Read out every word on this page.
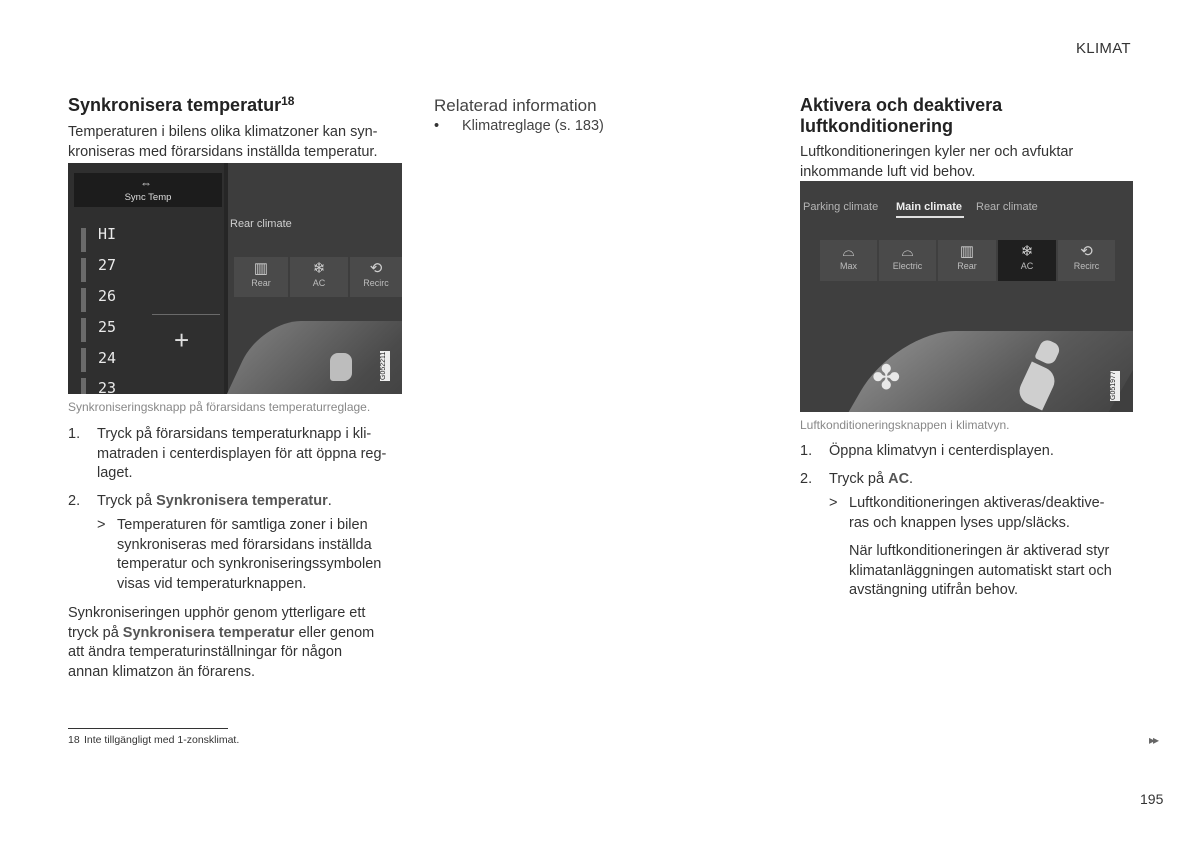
KLIMAT
Synkronisera temperatur$^{18}$

Temperaturen i bilens olika klimatzoner kan syn-kroniseras med förarsidans inställda temperatur.

⇔
Sync Temp
HI
27
26
25
24
23
+
Rear climate
▥
Rear
❄
AC
⟲
Recirc
G052211
Synkroniseringsknapp på förarsidans temperaturreglage.
1.	Tryck på förarsidans temperaturknapp i kli-
matraden i centerdisplayen för att öppna reg-
laget.
2.	Tryck på Synkronisera temperatur.
> Temperaturen för samtliga zoner i bilen
synkroniseras med förarsidans inställda
temperatur och synkroniseringssymbolen
visas vid temperaturknappen.

Synkroniseringen upphör genom ytterligare ett
tryck på Synkronisera temperatur eller genom
att ändra temperaturinställningar för någon
annan klimatzon än förarens.

18 Inte tillgängligt med 1-zonsklimat.
Relaterad information
•	Klimatreglage (s. 183)
Aktivera och deaktivera
luftkonditionering

Luftkonditioneringen kyler ner och avfuktar
inkommande luft vid behov.

Parking climate Main climate Rear climate
⌓
Max
⌓
Electric
▥
Rear
❄
AC
⟲
Recirc
✤	G051977
Luftkonditioneringsknappen i klimatvyn.
1.	Öppna klimatvyn i centerdisplayen.
2.	Tryck på AC.
> Luftkonditioneringen aktiveras/deaktive-
ras och knappen lyses upp/släcks.

När luftkonditioneringen är aktiverad styr
klimatanläggningen automatiskt start och
avstängning utifrån behov.

▸▸
195
